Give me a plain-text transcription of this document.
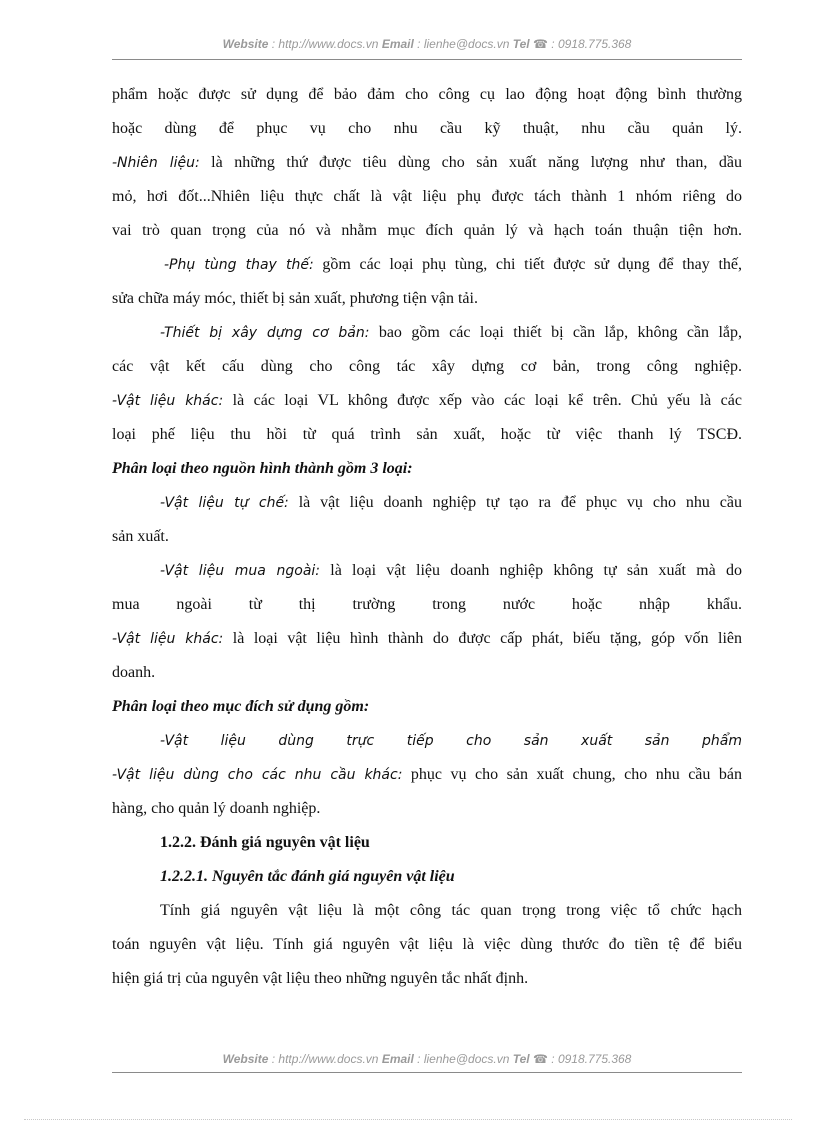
Website : http://www.docs.vn Email : lienhe@docs.vn Tel ☎ : 0918.775.368
phẩm hoặc được sử dụng để bảo đảm cho công cụ lao động hoạt động bình thường
hoặc dùng để phục vụ cho nhu cầu kỹ thuật, nhu cầu quản lý.
-Nhiên liệu: là những thứ được tiêu dùng cho sản xuất năng lượng như than, dầu
mỏ, hơi đốt...Nhiên liệu thực chất là vật liệu phụ được tách thành 1 nhóm riêng do
vai trò quan trọng của nó và nhằm mục đích quản lý và hạch toán thuận tiện hơn.
-Phụ tùng thay thế: gồm các loại phụ tùng, chi tiết được sử dụng để thay thế,
sửa chữa máy móc, thiết bị sản xuất, phương tiện vận tải.
-Thiết bị xây dựng cơ bản: bao gồm các loại thiết bị cần lắp, không cần lắp,
các vật kết cấu dùng cho công tác xây dựng cơ bản, trong công nghiệp.
-Vật liệu khác: là các loại VL không được xếp vào các loại kể trên. Chủ yếu là các
loại phế liệu thu hồi từ quá trình sản xuất, hoặc từ việc thanh lý TSCĐ.
Phân loại theo nguồn hình thành gồm 3 loại:
-Vật liệu tự chế: là vật liệu doanh nghiệp tự tạo ra để phục vụ cho nhu cầu
sản xuất.
-Vật liệu mua ngoài: là loại vật liệu doanh nghiệp không tự sản xuất mà do
mua ngoài từ thị trường trong nước hoặc nhập khẩu.
-Vật liệu khác: là loại vật liệu hình thành do được cấp phát, biếu tặng, góp vốn liên
doanh.
Phân loại theo mục đích sử dụng gồm:
-Vật liệu dùng trực tiếp cho sản xuất sản phẩm
-Vật liệu dùng cho các nhu cầu khác: phục vụ cho sản xuất chung, cho nhu cầu bán
hàng, cho quản lý doanh nghiệp.
1.2.2. Đánh giá nguyên vật liệu
1.2.2.1. Nguyên tắc đánh giá nguyên vật liệu
Tính giá nguyên vật liệu là một công tác quan trọng trong việc tổ chức hạch
toán nguyên vật liệu. Tính giá nguyên vật liệu là việc dùng thước đo tiền tệ để biểu
hiện giá trị của nguyên vật liệu theo những nguyên tắc nhất định.
Website : http://www.docs.vn Email : lienhe@docs.vn Tel ☎ : 0918.775.368
